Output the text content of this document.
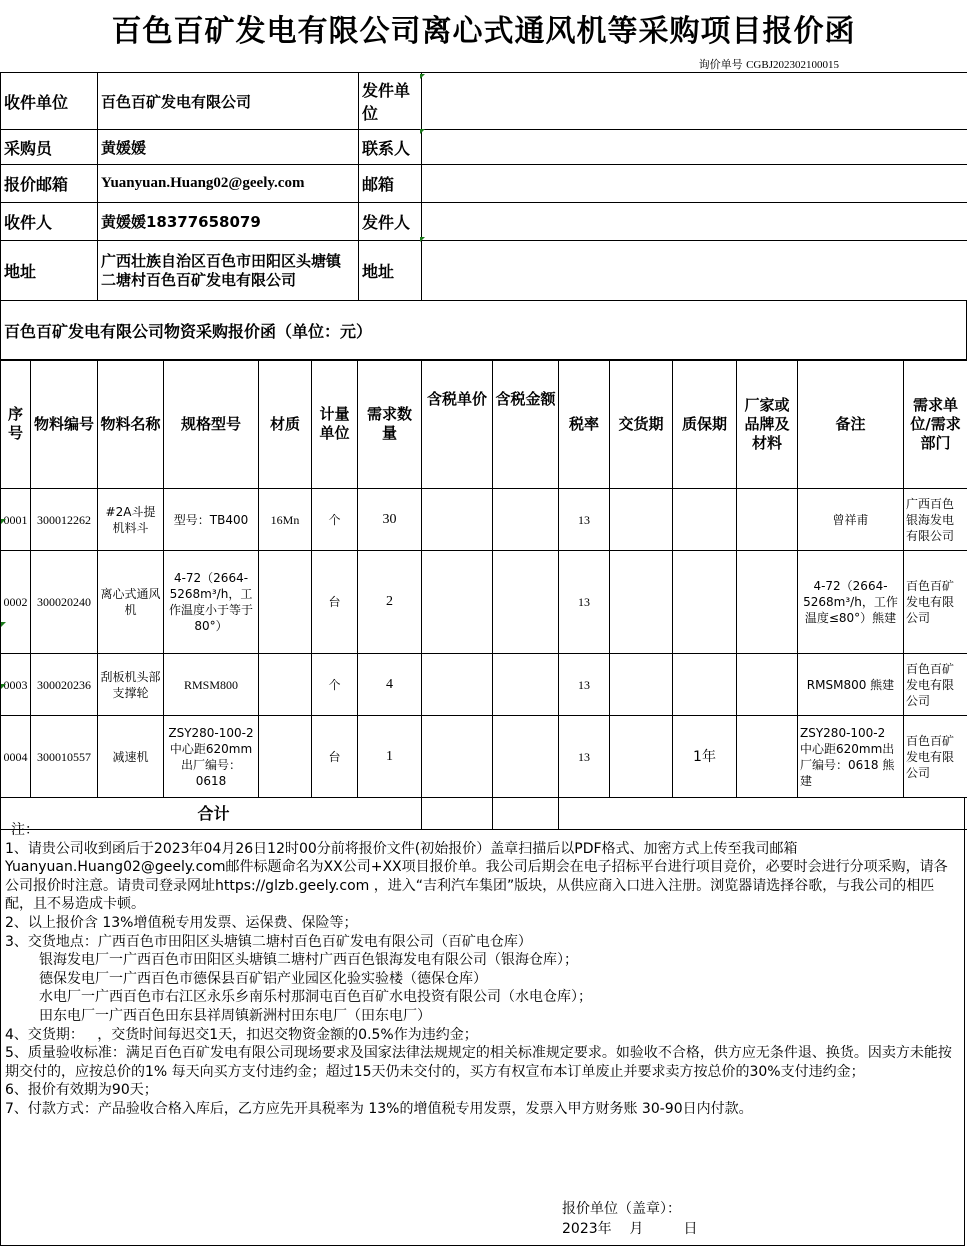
百色百矿发电有限公司离心式通风机等采购项目报价函
询价单号 CGBJ202302100015
收件单位	百色百矿发电有限公司	发件单位	
采购员	黄媛媛	联系人	
报价邮箱	Yuanyuan.Huang02@geely.com	邮箱	
收件人	黄媛媛18377658079	发件人	
地址	广西壮族自治区百色市田阳区头塘镇二塘村百色百矿发电有限公司	地址	
百色百矿发电有限公司物资采购报价函（单位：元）
序号	物料编号	物料名称	规格型号	材质	计量单位	需求数量	含税单价	含税金额	税率	交货期	质保期	厂家或品牌及材料	备注	需求单位/需求部门
0001	300012262	#2A斗提机料斗	型号：TB400	16Mn	个	30			13				曾祥甫	广西百色银海发电有限公司
0002	300020240	离心式通风机	4-72（2664-5268m³/h，工作温度小于等于80°）		台	2			13				4-72（2664-5268m³/h，工作温度≤80°）熊建	百色百矿发电有限公司
0003	300020236	刮板机头部支撑轮	RMSM800		个	4			13				RMSM800 熊建	百色百矿发电有限公司
0004	300010557	减速机	ZSY280-100-2 中心距620mm出厂编号：0618		台	1			13		1年		ZSY280-100-2 中心距620mm出厂编号：0618 熊建	百色百矿发电有限公司
			合计											

注：

1、请贵公司收到函后于2023年04月26日12时00分前将报价文件(初始报价）盖章扫描后以PDF格式、加密方式上传至我司邮箱Yuanyuan.Huang02@geely.com邮件标题命名为XX公司+XX项目报价单。我公司后期会在电子招标平台进行项目竞价，必要时会进行分项采购，请各公司报价时注意。请贵司登录网址https://glzb.geely.com ，进入“吉利汽车集团”版块，从供应商入口进入注册。浏览器请选择谷歌，与我公司的相匹配，且不易造成卡顿。

2、以上报价含 13%增值税专用发票、运保费、保险等；

3、交货地点：广西百色市田阳区头塘镇二塘村百色百矿发电有限公司（百矿电仓库）

银海发电厂一广西百色市田阳区头塘镇二塘村广西百色银海发电有限公司（银海仓库）；

德保发电厂一广西百色市德保县百矿铝产业园区化验实验楼（德保仓库）

水电厂一广西百色市右江区永乐乡南乐村那洞屯百色百矿水电投资有限公司（水电仓库）；

田东电厂一广西百色田东县祥周镇新洲村田东电厂（田东电厂）

4、交货期：   ，交货时间每迟交1天，扣迟交物资金额的0.5%作为违约金；

5、质量验收标准：满足百色百矿发电有限公司现场要求及国家法律法规规定的相关标准规定要求。如验收不合格，供方应无条件退、换货。因卖方未能按期交付的，应按总价的1% 每天向买方支付违约金；超过15天仍未交付的，买方有权宣布本订单废止并要求卖方按总价的30%支付违约金；

6、报价有效期为90天；

7、付款方式：产品验收合格入库后，乙方应先开具税率为 13%的增值税专用发票，发票入甲方财务账 30-90日内付款。

报价单位（盖章）：
2023年    月         日
